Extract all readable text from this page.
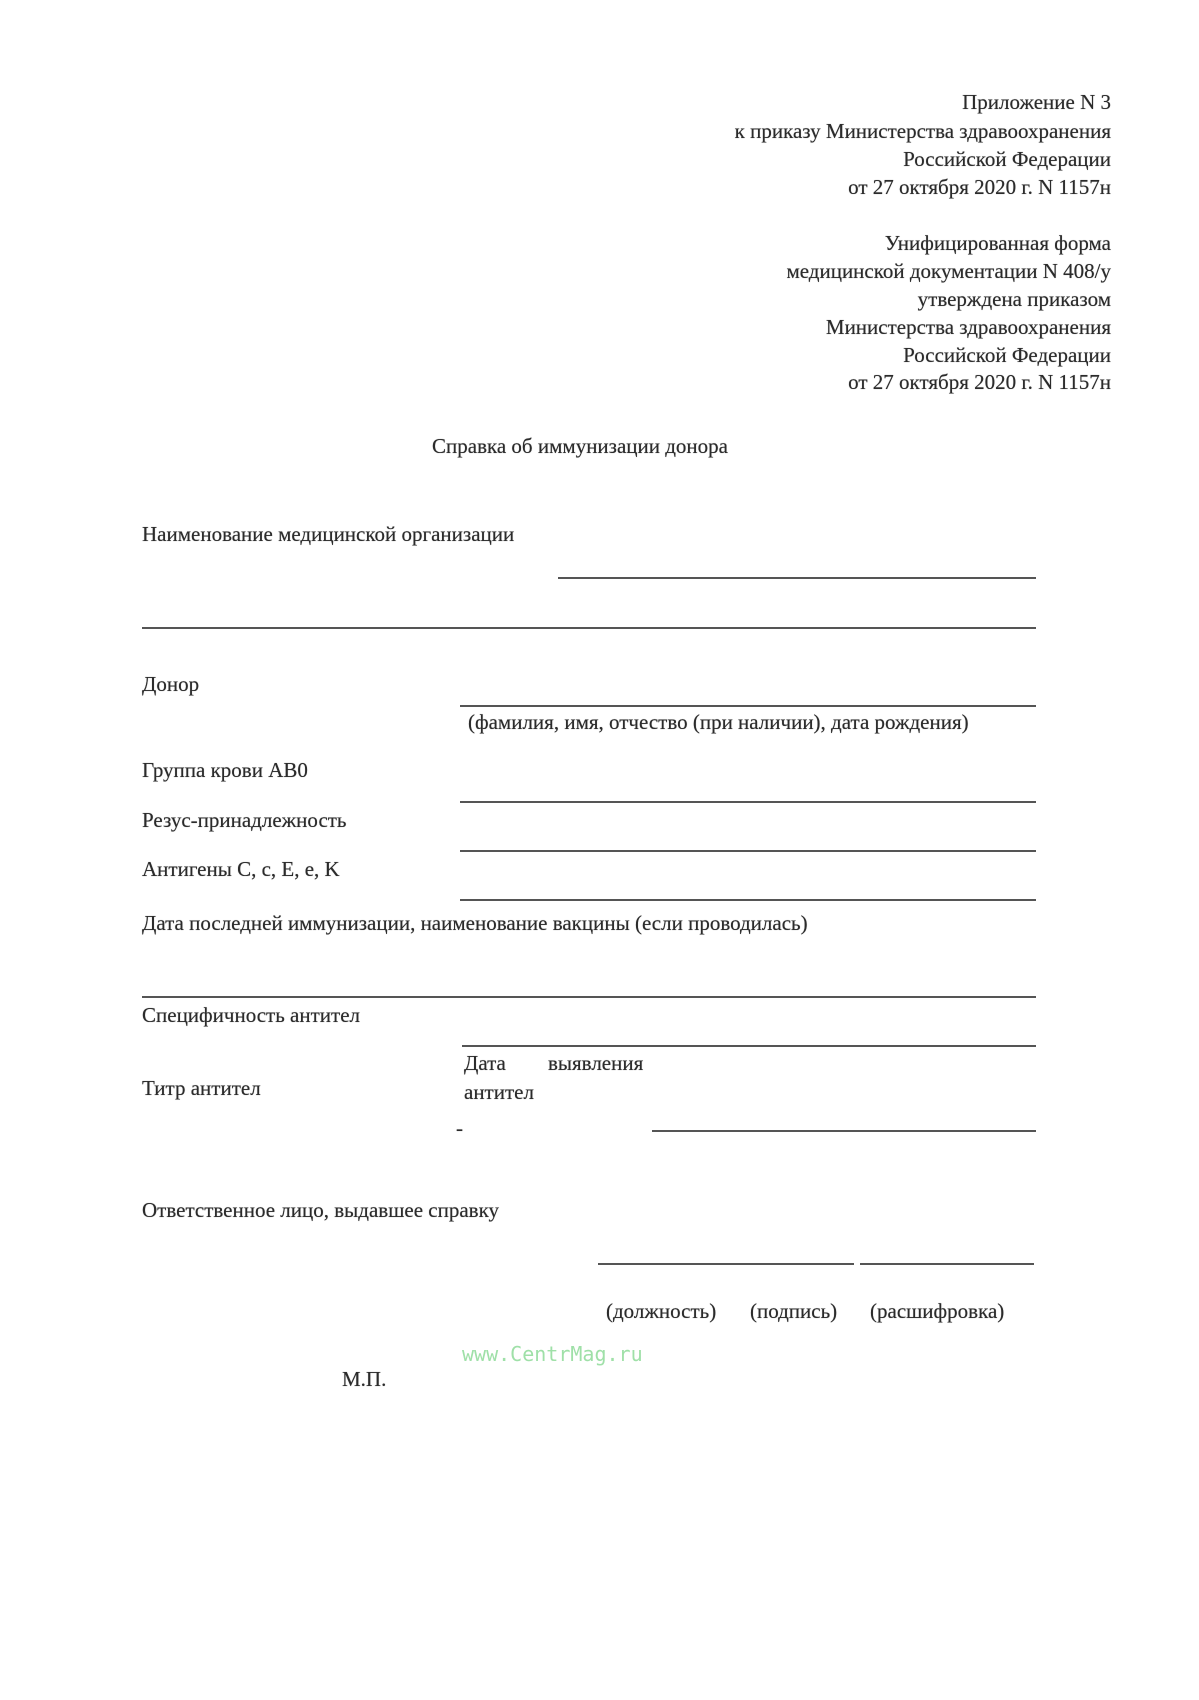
Приложение N 3
к приказу Министерства здравоохранения
Российской Федерации
от 27 октября 2020 г. N 1157н
Унифицированная форма
медицинской документации N 408/у
утверждена приказом
Министерства здравоохранения
Российской Федерации
от 27 октября 2020 г. N 1157н
Справка об иммунизации донора
Наименование медицинской организации
Донор
(фамилия, имя, отчество (при наличии), дата рождения)
Группа крови АВ0
Резус-принадлежность
Антигены С, с, Е, е, K
Дата последней иммунизации, наименование вакцины (если проводилась)
Специфичность антител
Титр антител
Дата выявления
антител
-
Ответственное лицо, выдавшее справку
(должность) (подпись) (расшифровка)
www.CentrMag.ru
М.П.
